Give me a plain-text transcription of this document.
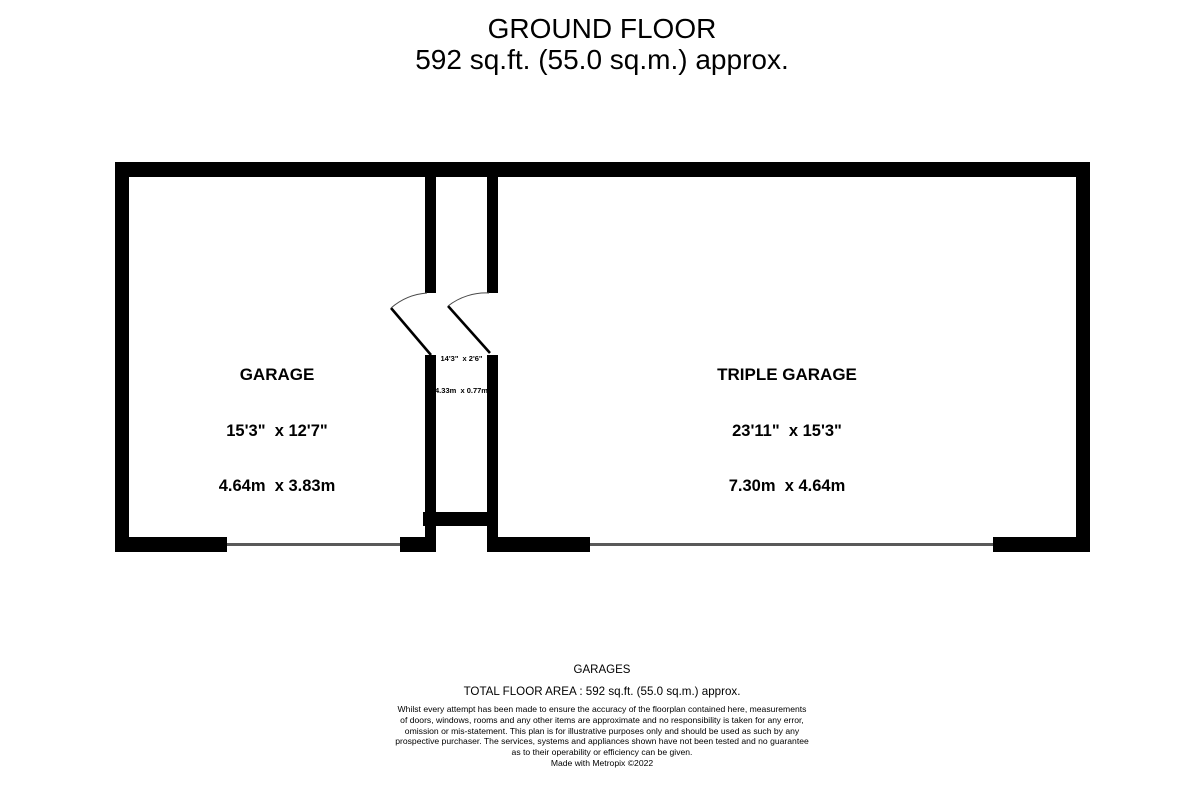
GROUND FLOOR
592 sq.ft. (55.0 sq.m.) approx.

GARAGE

15'3"  x 12'7"

4.64m  x 3.83m

TRIPLE GARAGE

23'11"  x 15'3"

7.30m  x 4.64m

14'3"  x 2'6"

4.33m  x 0.77m

GARAGES
TOTAL FLOOR AREA : 592 sq.ft. (55.0 sq.m.) approx.
Whilst every attempt has been made to ensure the accuracy of the floorplan contained here, measurements
of doors, windows, rooms and any other items are approximate and no responsibility is taken for any error,
omission or mis-statement. This plan is for illustrative purposes only and should be used as such by any
prospective purchaser. The services, systems and appliances shown have not been tested and no guarantee
as to their operability or efficiency can be given.
Made with Metropix ©2022
